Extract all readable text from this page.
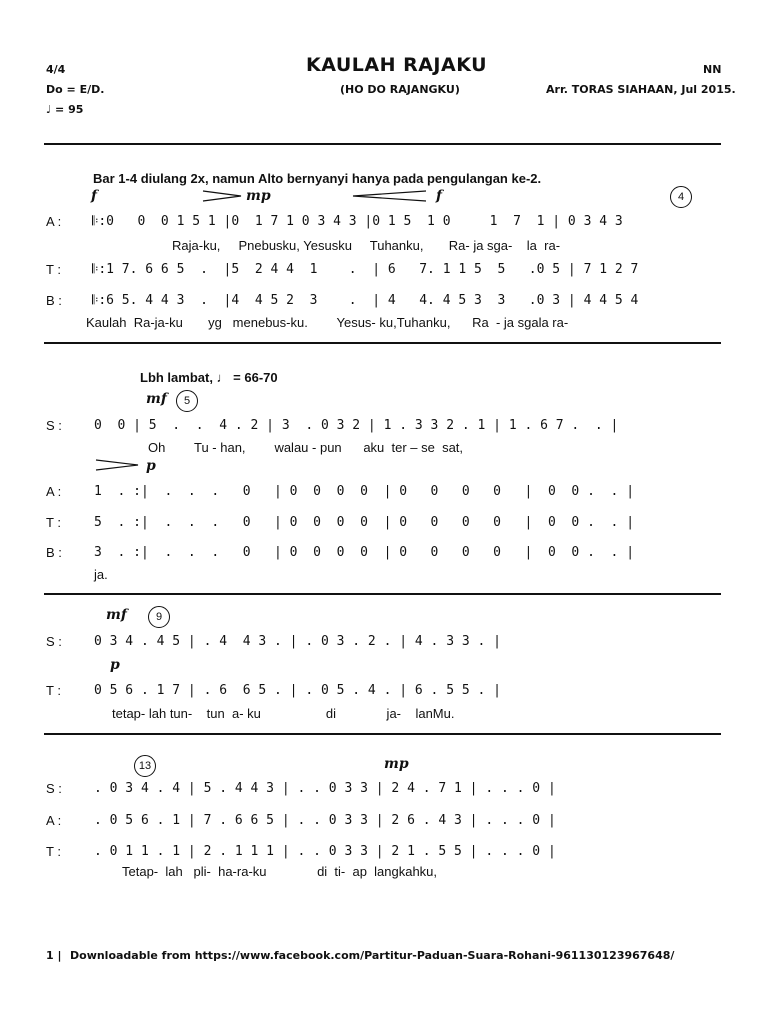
4/4
Do = E/D.
♩ = 95
KAULAH RAJAKU
(HO DO RAJANGKU)
NN
Arr. TORAS SIAHAAN, Jul 2015.
Bar 1-4 diulang 2x, namun Alto bernyanyi hanya pada pengulangan ke-2.
f	mp	f	4
A : 𝄆:0   0  0 1 5 1 |0  1 7 1 0 3 4 3 |0 1 5  1 0     1  7  1 | 0 3 4 3
Raja-ku,     Pnebusku, Yesusku     Tuhanku,       Ra- ja sga-    la  ra-
T : 𝄆:1 7. 6 6 5  .  |5  2 4 4  1    .  | 6   7. 1 1 5  5   .0 5 | 7 1 2 7
B : 𝄆:6 5. 4 4 3  .  |4  4 5 2  3    .  | 4   4. 4 5 3  3   .0 3 | 4 4 5 4
Kaulah  Ra-ja-ku       yg   menebus-ku.        Yesus- ku,Tuhanku,      Ra  - ja sgala ra-
Lbh lambat, ♩ = 66-70
mf	5
S : 0  0 | 5  .  .  4 . 2 | 3  . 0 3 2 | 1 . 3 3 2 . 1 | 1 . 6 7 .  . |
Oh        Tu - han,        walau - pun      aku  ter – se  sat,
p
A :	1  . :|  .  .  .   0   | 0  0  0  0  | 0   0   0   0   |  0  0 .  . |
T :	5  . :|  .  .  .   0   | 0  0  0  0  | 0   0   0   0   |  0  0 .  . |
B : 3  . :|  .  .  .   0   | 0  0  0  0  | 0   0   0   0   |  0  0 .  . |
ja.
mf	9
S : 0 3 4 . 4 5 | . 4  4 3 . | . 0 3 . 2 . | 4 . 3 3 . |
p
T :	0 5 6 . 1 7 | . 6  6 5 . | . 0 5 . 4 . | 6 . 5 5 . |
tetap- lah tun-    tun  a- ku                  di              ja-    lanMu.
13	mp
S : . 0 3 4 . 4 | 5 . 4 4 3 | . . 0 3 3 | 2 4 . 7 1 | . . . 0 |
A :	. 0 5 6 . 1 | 7 . 6 6 5 | . . 0 3 3 | 2 6 . 4 3 | . . . 0 |
T :	. 0 1 1 . 1 | 2 . 1 1 1 | . . 0 3 3 | 2 1 . 5 5 | . . . 0 |
Tetap-  lah   pli-  ha-ra-ku              di  ti-  ap  langkahku,
1 | Downloadable from https://www.facebook.com/Partitur-Paduan-Suara-Rohani-961130123967648/
